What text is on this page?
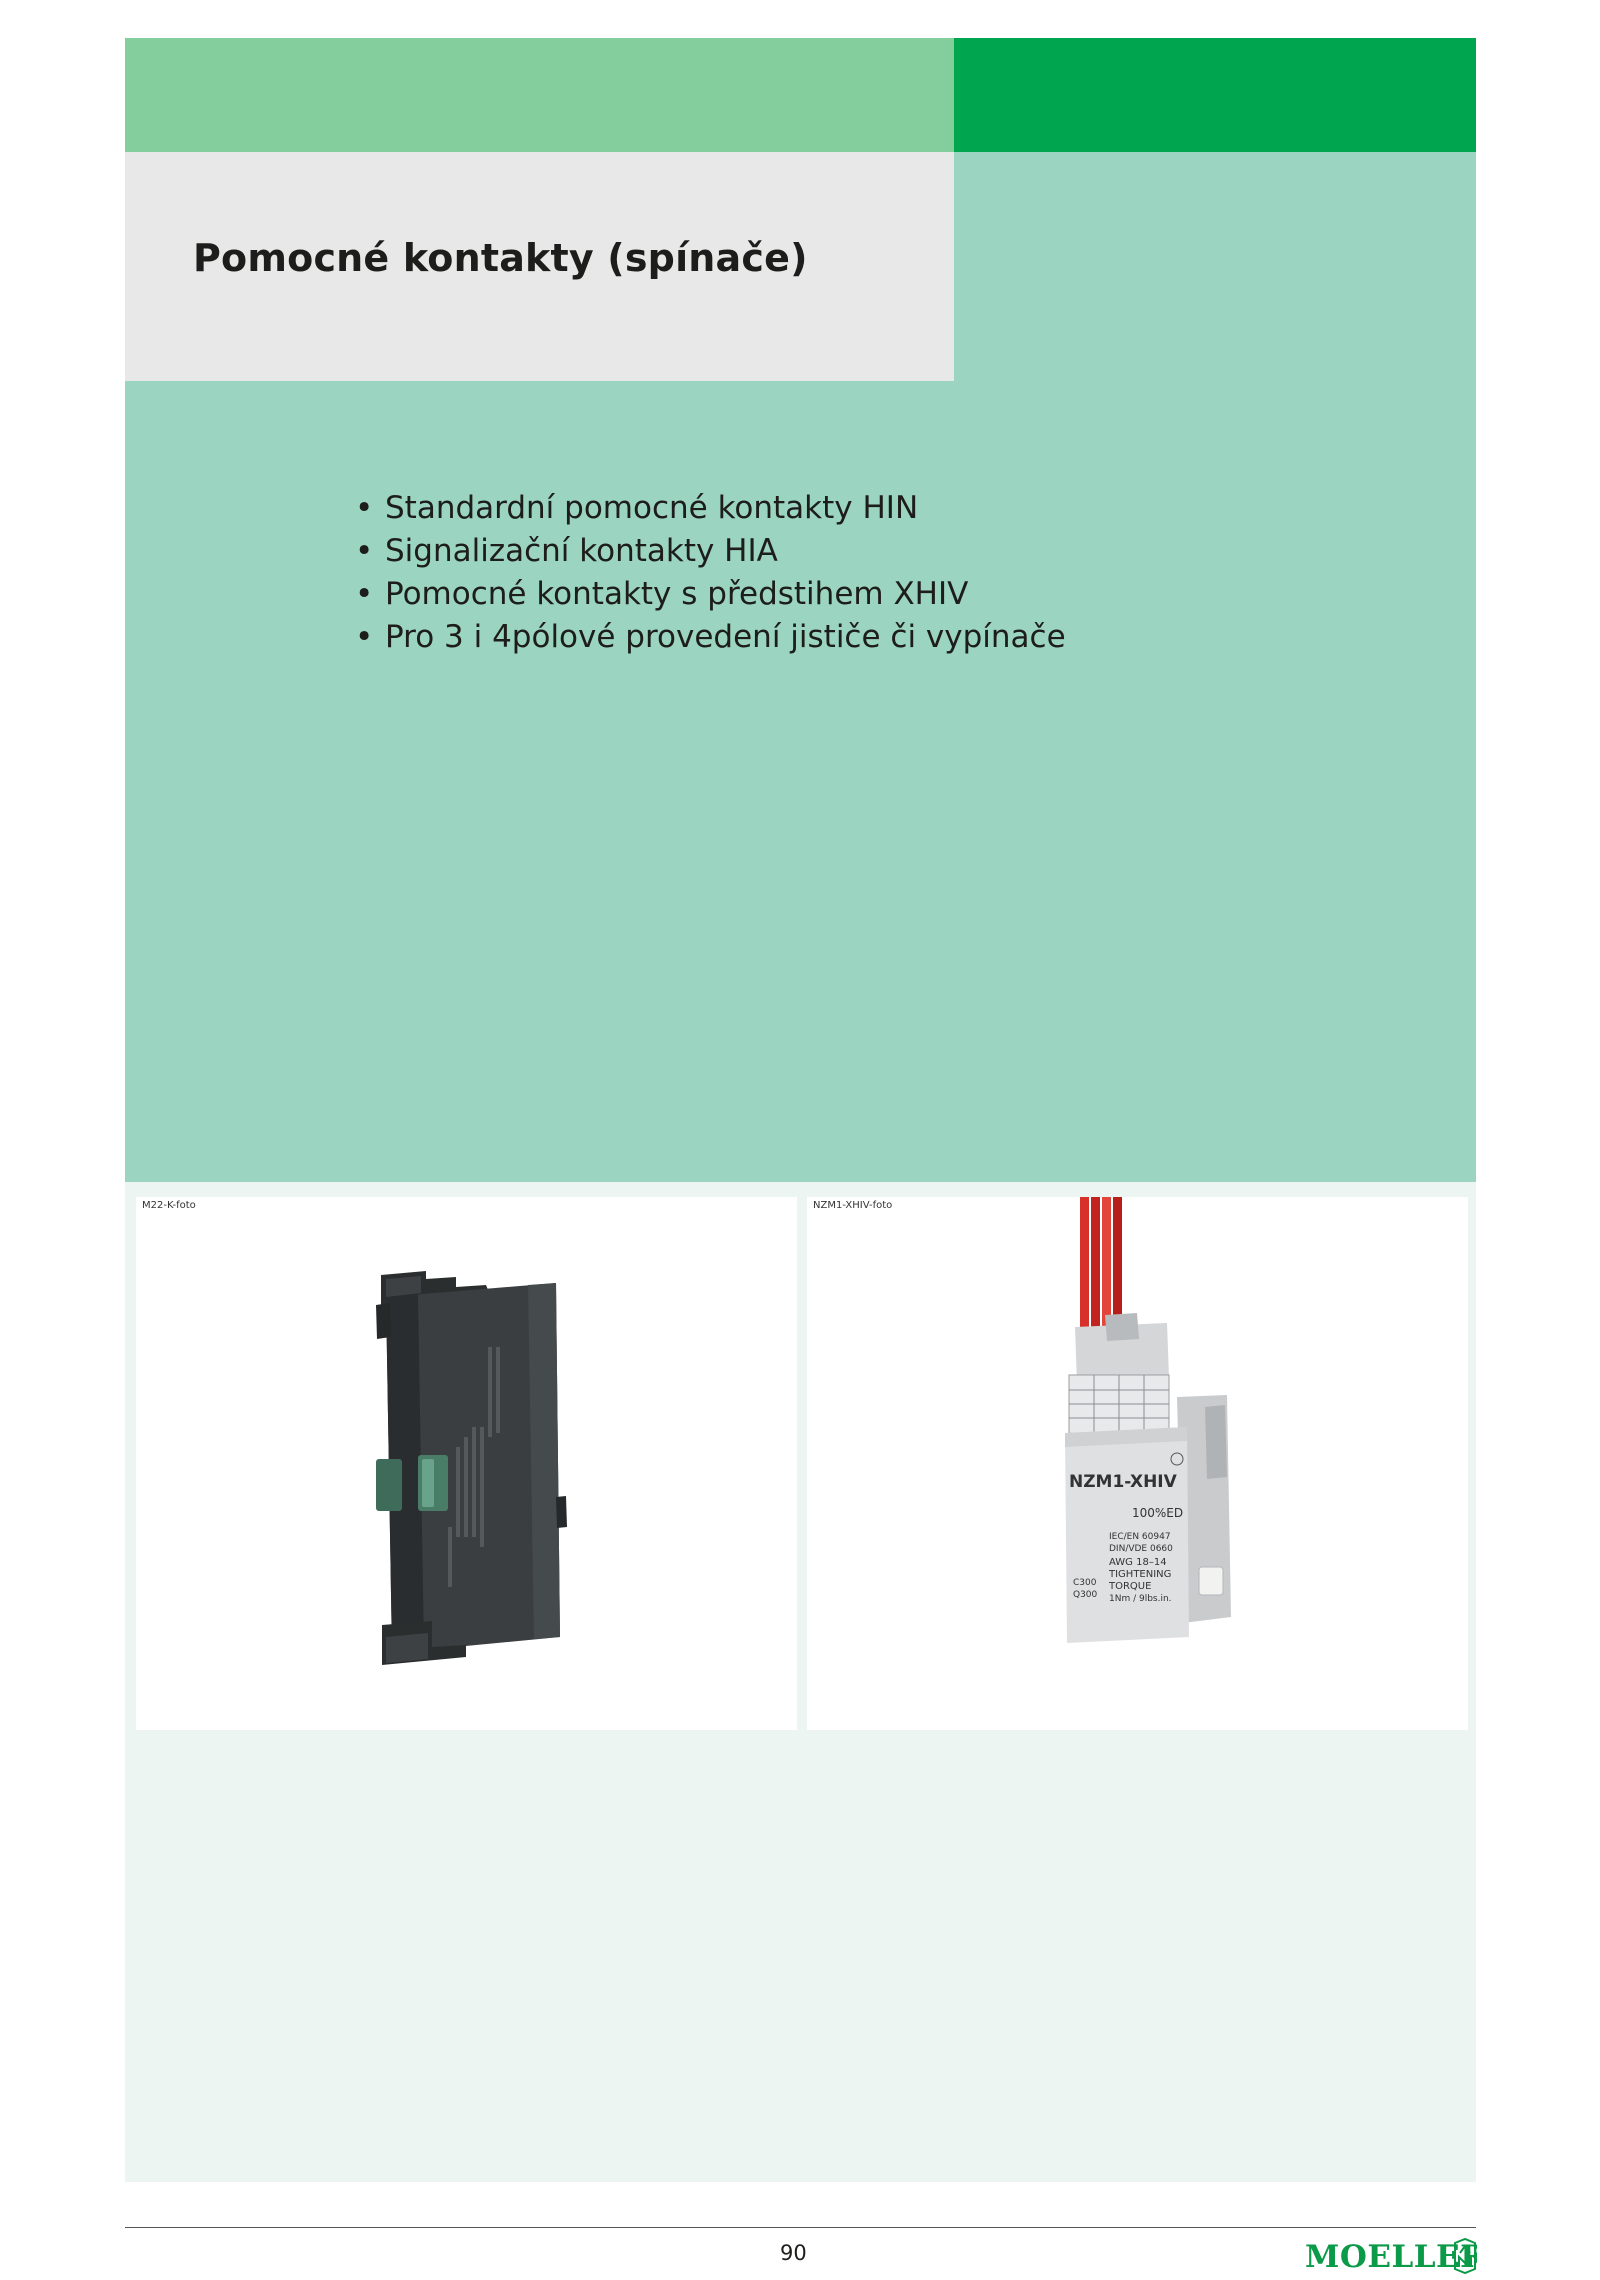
Pomocné kontakty (spínače)
• Standardní pomocné kontakty HIN
• Signalizační kontakty HIA
• Pomocné kontakty s předstihem XHIV
• Pro 3 i 4pólové provedení jističe či vypínače
M22-K-foto
NZM1-XHIV
100%ED
IEC/EN 60947
DIN/VDE 0660
AWG 18–14
TIGHTENING
TORQUE
1Nm / 9lbs.in.
C300
Q300
NZM1-XHIV-foto
90	MOELLER
